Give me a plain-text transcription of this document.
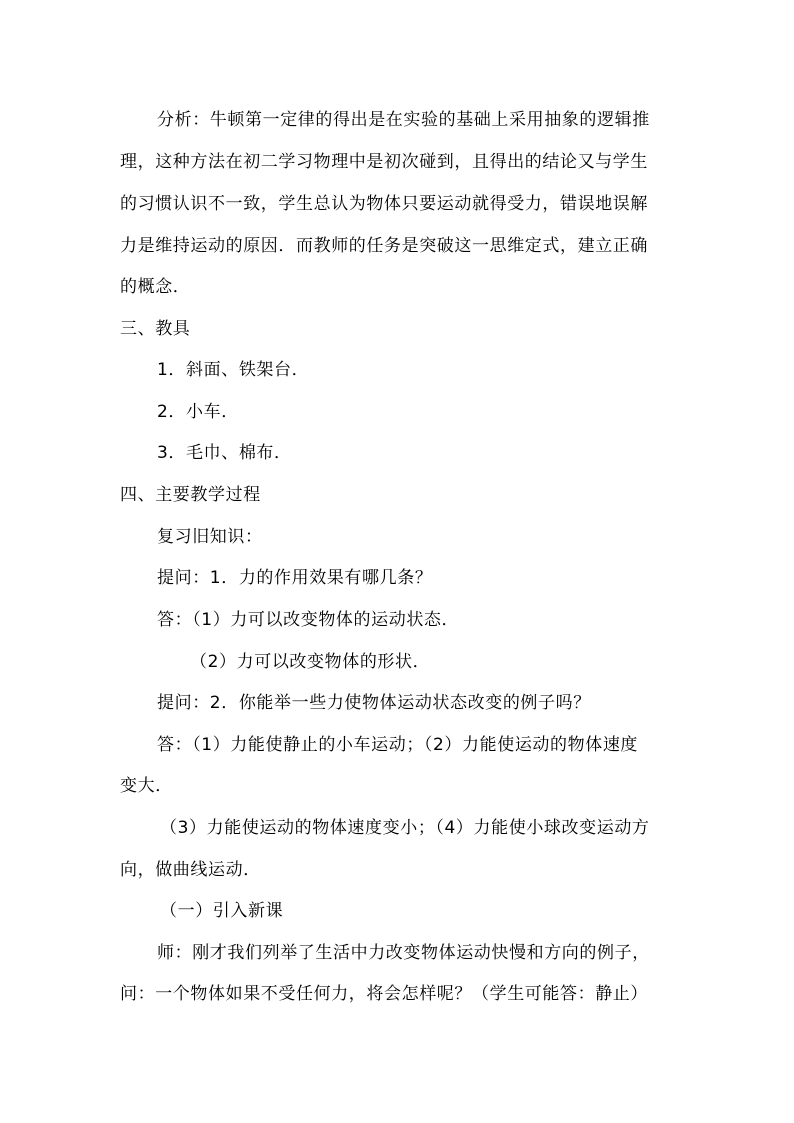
分析：牛顿第一定律的得出是在实验的基础上采用抽象的逻辑推
理，这种方法在初二学习物理中是初次碰到，且得出的结论又与学生
的习惯认识不一致，学生总认为物体只要运动就得受力，错误地误解
力是维持运动的原因．而教师的任务是突破这一思维定式，建立正确
的概念．
三、教具
1．斜面、铁架台．
2．小车．
3．毛巾、棉布．
四、主要教学过程
复习旧知识：
提问：1．力的作用效果有哪几条？
答：（1）力可以改变物体的运动状态．
（2）力可以改变物体的形状．
提问：2．你能举一些力使物体运动状态改变的例子吗？
答：（1）力能使静止的小车运动；（2）力能使运动的物体速度
变大．
（3）力能使运动的物体速度变小；（4）力能使小球改变运动方
向，做曲线运动．
（一）引入新课
师：刚才我们列举了生活中力改变物体运动快慢和方向的例子，
问：一个物体如果不受任何力，将会怎样呢？（学生可能答：静止）
